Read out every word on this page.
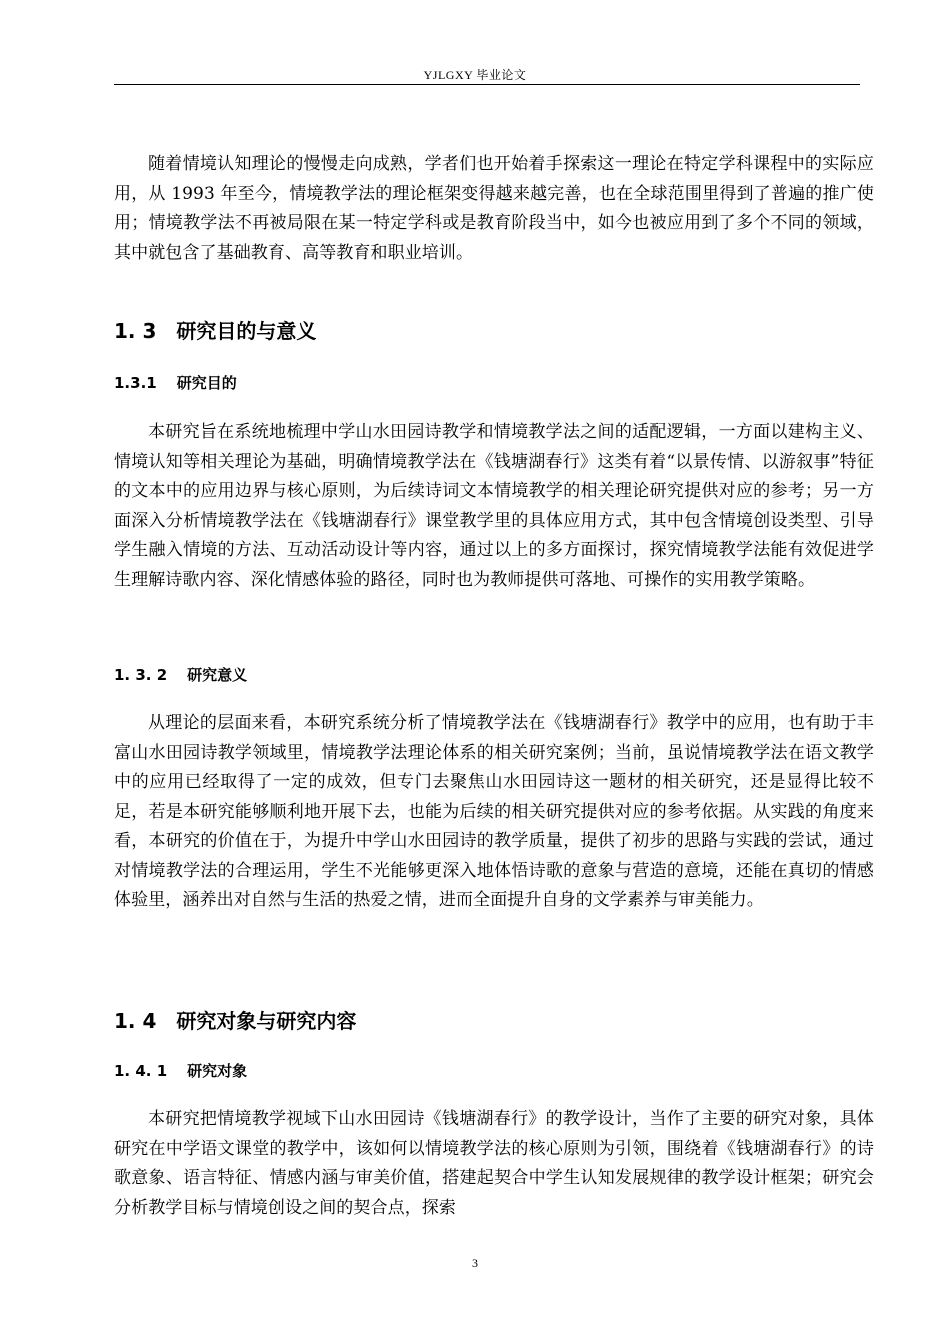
YJLGXY 毕业论文

随着情境认知理论的慢慢走向成熟，学者们也开始着手探索这一理论在特定学科课程中的实际应用，从 1993 年至今，情境教学法的理论框架变得越来越完善，也在全球范围里得到了普遍的推广使用；情境教学法不再被局限在某一特定学科或是教育阶段当中，如今也被应用到了多个不同的领域，其中就包含了基础教育、高等教育和职业培训。

1. 3 研究目的与意义
1.3.1 研究目的

本研究旨在系统地梳理中学山水田园诗教学和情境教学法之间的适配逻辑，一方面以建构主义、情境认知等相关理论为基础，明确情境教学法在《钱塘湖春行》这类有着“以景传情、以游叙事”特征的文本中的应用边界与核心原则，为后续诗词文本情境教学的相关理论研究提供对应的参考；另一方面深入分析情境教学法在《钱塘湖春行》课堂教学里的具体应用方式，其中包含情境创设类型、引导学生融入情境的方法、互动活动设计等内容，通过以上的多方面探讨，探究情境教学法能有效促进学生理解诗歌内容、深化情感体验的路径，同时也为教师提供可落地、可操作的实用教学策略。

1. 3. 2 研究意义

从理论的层面来看，本研究系统分析了情境教学法在《钱塘湖春行》教学中的应用，也有助于丰富山水田园诗教学领域里，情境教学法理论体系的相关研究案例；当前，虽说情境教学法在语文教学中的应用已经取得了一定的成效，但专门去聚焦山水田园诗这一题材的相关研究，还是显得比较不足，若是本研究能够顺利地开展下去，也能为后续的相关研究提供对应的参考依据。从实践的角度来看，本研究的价值在于，为提升中学山水田园诗的教学质量，提供了初步的思路与实践的尝试，通过对情境教学法的合理运用，学生不光能够更深入地体悟诗歌的意象与营造的意境，还能在真切的情感体验里，涵养出对自然与生活的热爱之情，进而全面提升自身的文学素养与审美能力。

1. 4 研究对象与研究内容
1. 4. 1 研究对象

本研究把情境教学视域下山水田园诗《钱塘湖春行》的教学设计，当作了主要的研究对象，具体研究在中学语文课堂的教学中，该如何以情境教学法的核心原则为引领，围绕着《钱塘湖春行》的诗歌意象、语言特征、情感内涵与审美价值，搭建起契合中学生认知发展规律的教学设计框架；研究会分析教学目标与情境创设之间的契合点，探索

3
